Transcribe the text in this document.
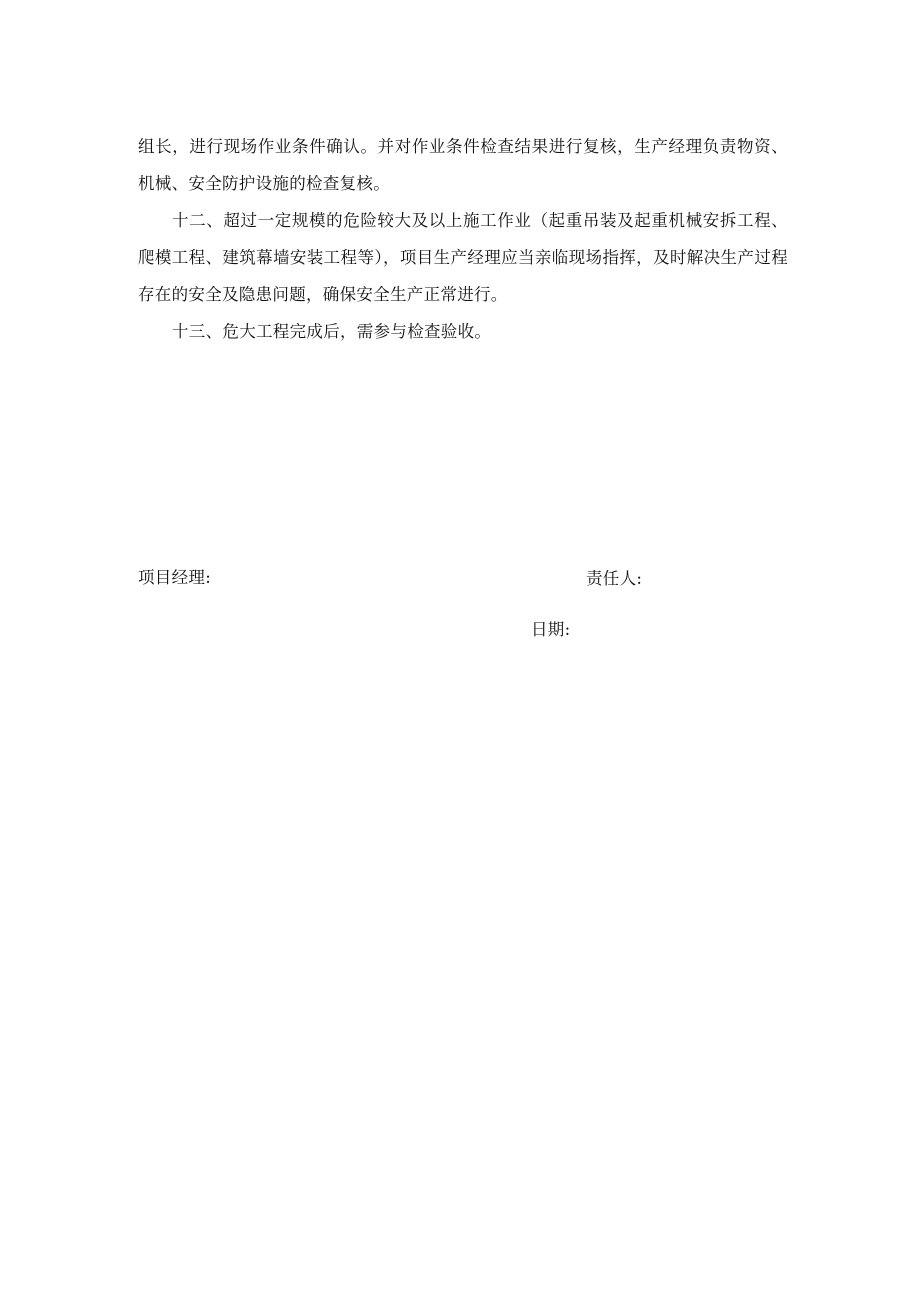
组长，进行现场作业条件确认。并对作业条件检查结果进行复核，生产经理负责物资、机械、安全防护设施的检查复核。

十二、超过一定规模的危险较大及以上施工作业（起重吊装及起重机械安拆工程、爬模工程、建筑幕墙安装工程等），项目生产经理应当亲临现场指挥，及时解决生产过程存在的安全及隐患问题，确保安全生产正常进行。

十三、危大工程完成后，需参与检查验收。

项目经理:	责任人:
日期:
